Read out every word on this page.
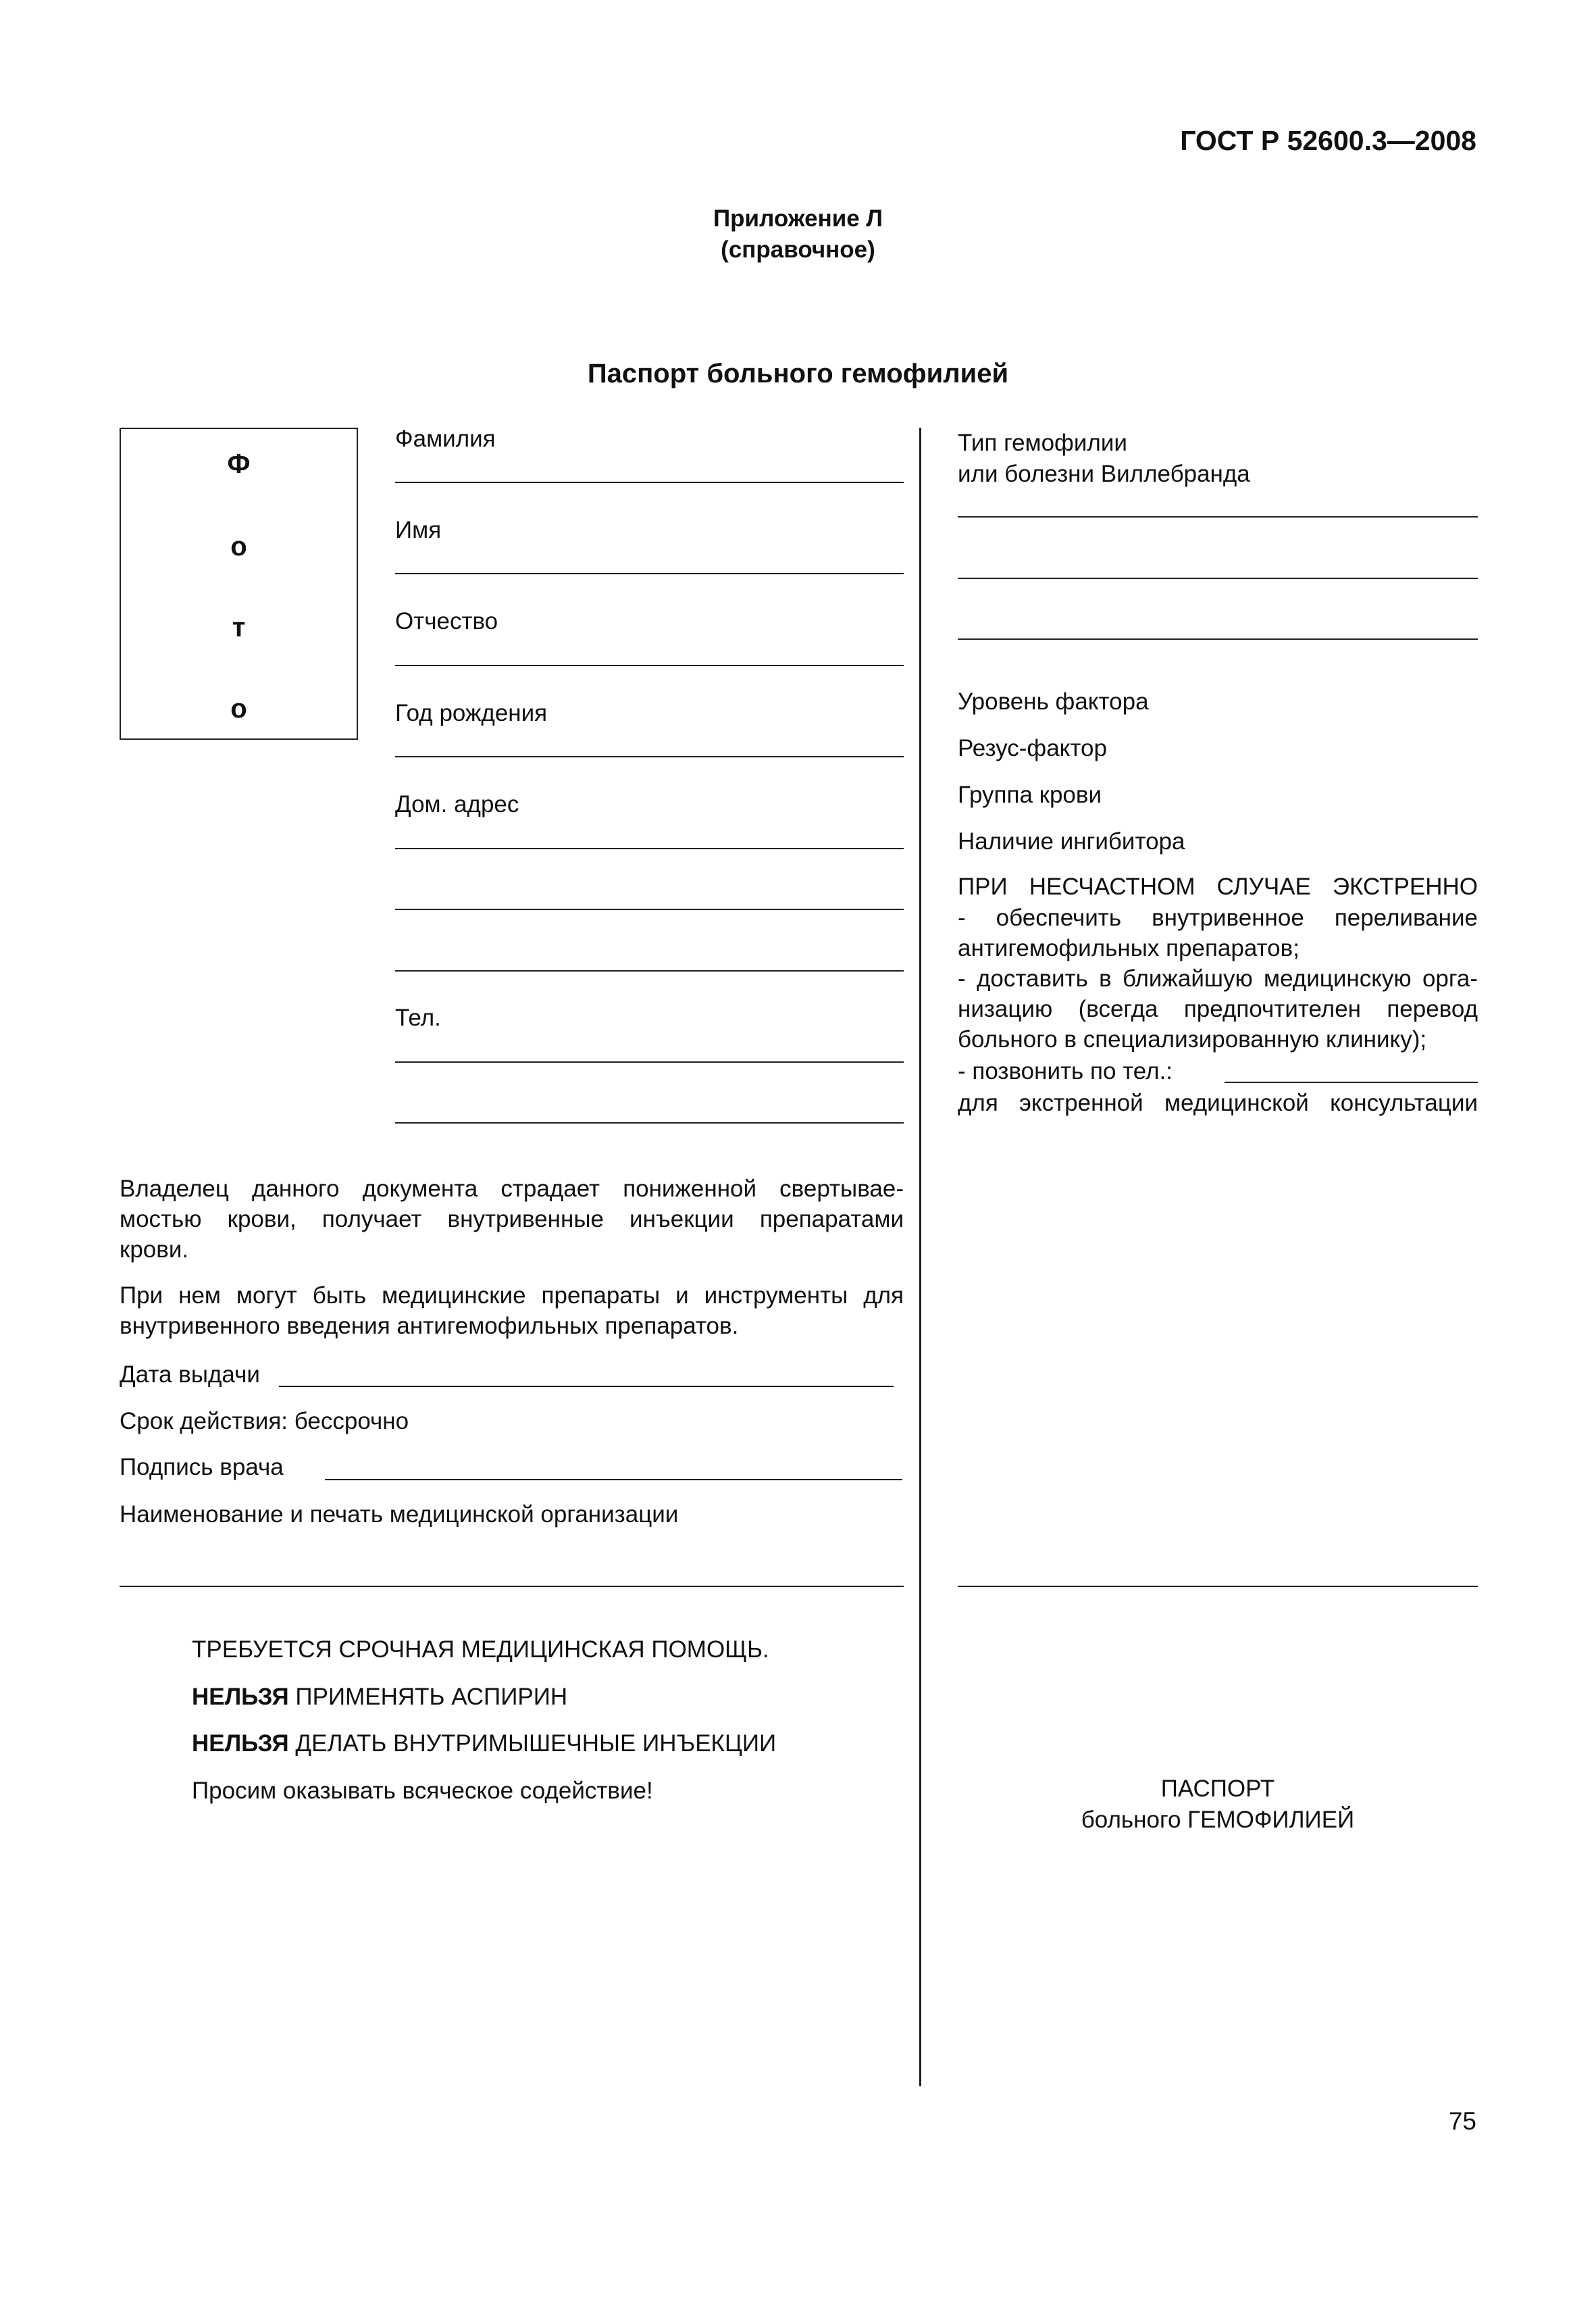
ГОСТ Р 52600.3—2008
Приложение Л
(справочное)
Паспорт больного гемофилией
Ф
о
т
о
Фамилия
Имя
Отчество
Год рождения
Дом. адрес
Тел.
Тип гемофилии
или болезни Виллебранда
Уровень фактора
Резус-фактор
Группа крови
Наличие ингибитора
ПРИ НЕСЧАСТНОМ СЛУЧАЕ ЭКСТРЕННО
- обеспечить внутривенное переливание
антигемофильных препаратов;
- доставить в ближайшую медицинскую орга-
низацию (всегда предпочтителен перевод
больного в специализированную клинику);
- позвонить по тел.:
для экстренной медицинской консультации
Владелец данного документа страдает пониженной свертывае-
мостью крови, получает внутривенные инъекции препаратами
крови.
При нем могут быть медицинские препараты и инструменты для
внутривенного введения антигемофильных препаратов.
Дата выдачи
Срок действия: бессрочно
Подпись врача
Наименование и печать медицинской организации
ТРЕБУЕТСЯ СРОЧНАЯ МЕДИЦИНСКАЯ ПОМОЩЬ.
НЕЛЬЗЯ ПРИМЕНЯТЬ АСПИРИН
НЕЛЬЗЯ ДЕЛАТЬ ВНУТРИМЫШЕЧНЫЕ ИНЪЕКЦИИ
Просим оказывать всяческое содействие!	ПАСПОРТ
больного ГЕМОФИЛИЕЙ
75
